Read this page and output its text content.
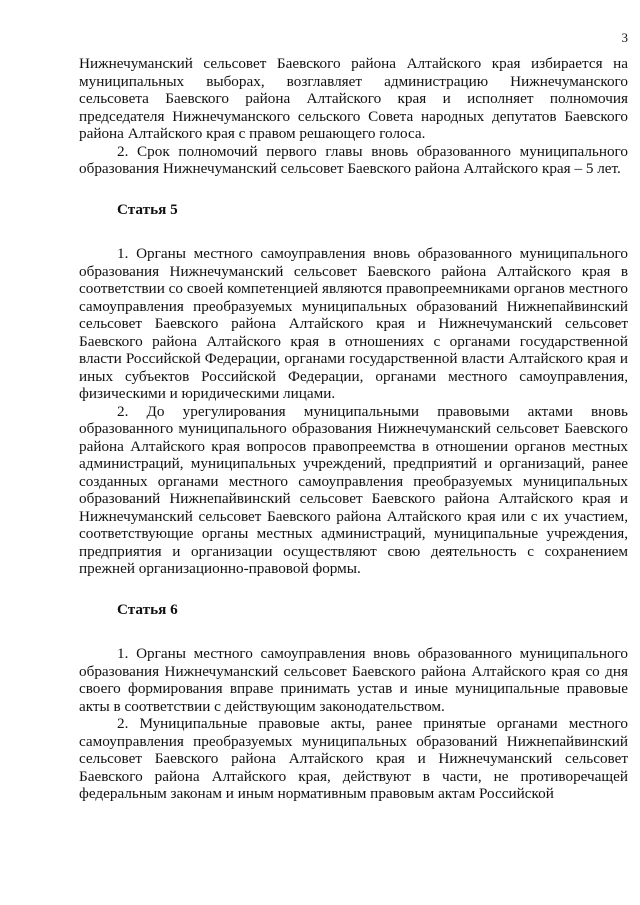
3

Нижнечуманский сельсовет Баевского района Алтайского края избирается на муниципальных выборах, возглавляет администрацию Нижнечуманского сельсовета Баевского района Алтайского края и исполняет полномочия председателя Нижнечуманского сельского Совета народных депутатов Баевского района Алтайского края с правом решающего голоса.

2. Срок полномочий первого главы вновь образованного муниципального образования Нижнечуманский сельсовет Баевского района Алтайского края – 5 лет.

Статья 5

1. Органы местного самоуправления вновь образованного муниципального образования Нижнечуманский сельсовет Баевского района Алтайского края в соответствии со своей компетенцией являются правопреемниками органов местного самоуправления преобразуемых муниципальных образований Нижнепайвинский сельсовет Баевского района Алтайского края и Нижнечуманский сельсовет Баевского района Алтайского края в отношениях с органами государственной власти Российской Федерации, органами государственной власти Алтайского края и иных субъектов Российской Федерации, органами местного самоуправления, физическими и юридическими лицами.

2. До урегулирования муниципальными правовыми актами вновь образованного муниципального образования Нижнечуманский сельсовет Баевского района Алтайского края вопросов правопреемства в отношении органов местных администраций, муниципальных учреждений, предприятий и организаций, ранее созданных органами местного самоуправления преобразуемых муниципальных образований Нижнепайвинский сельсовет Баевского района Алтайского края и Нижнечуманский сельсовет Баевского района Алтайского края или с их участием, соответствующие органы местных администраций, муниципальные учреждения, предприятия и организации осуществляют свою деятельность с сохранением прежней организационно-правовой формы.

Статья 6

1. Органы местного самоуправления вновь образованного муниципального образования Нижнечуманский сельсовет Баевского района Алтайского края со дня своего формирования вправе принимать устав и иные муниципальные правовые акты в соответствии с действующим законодательством.

2. Муниципальные правовые акты, ранее принятые органами местного самоуправления преобразуемых муниципальных образований Нижнепайвинский сельсовет Баевского района Алтайского края и Нижнечуманский сельсовет Баевского района Алтайского края, действуют в части, не противоречащей федеральным законам и иным нормативным правовым актам Российской
